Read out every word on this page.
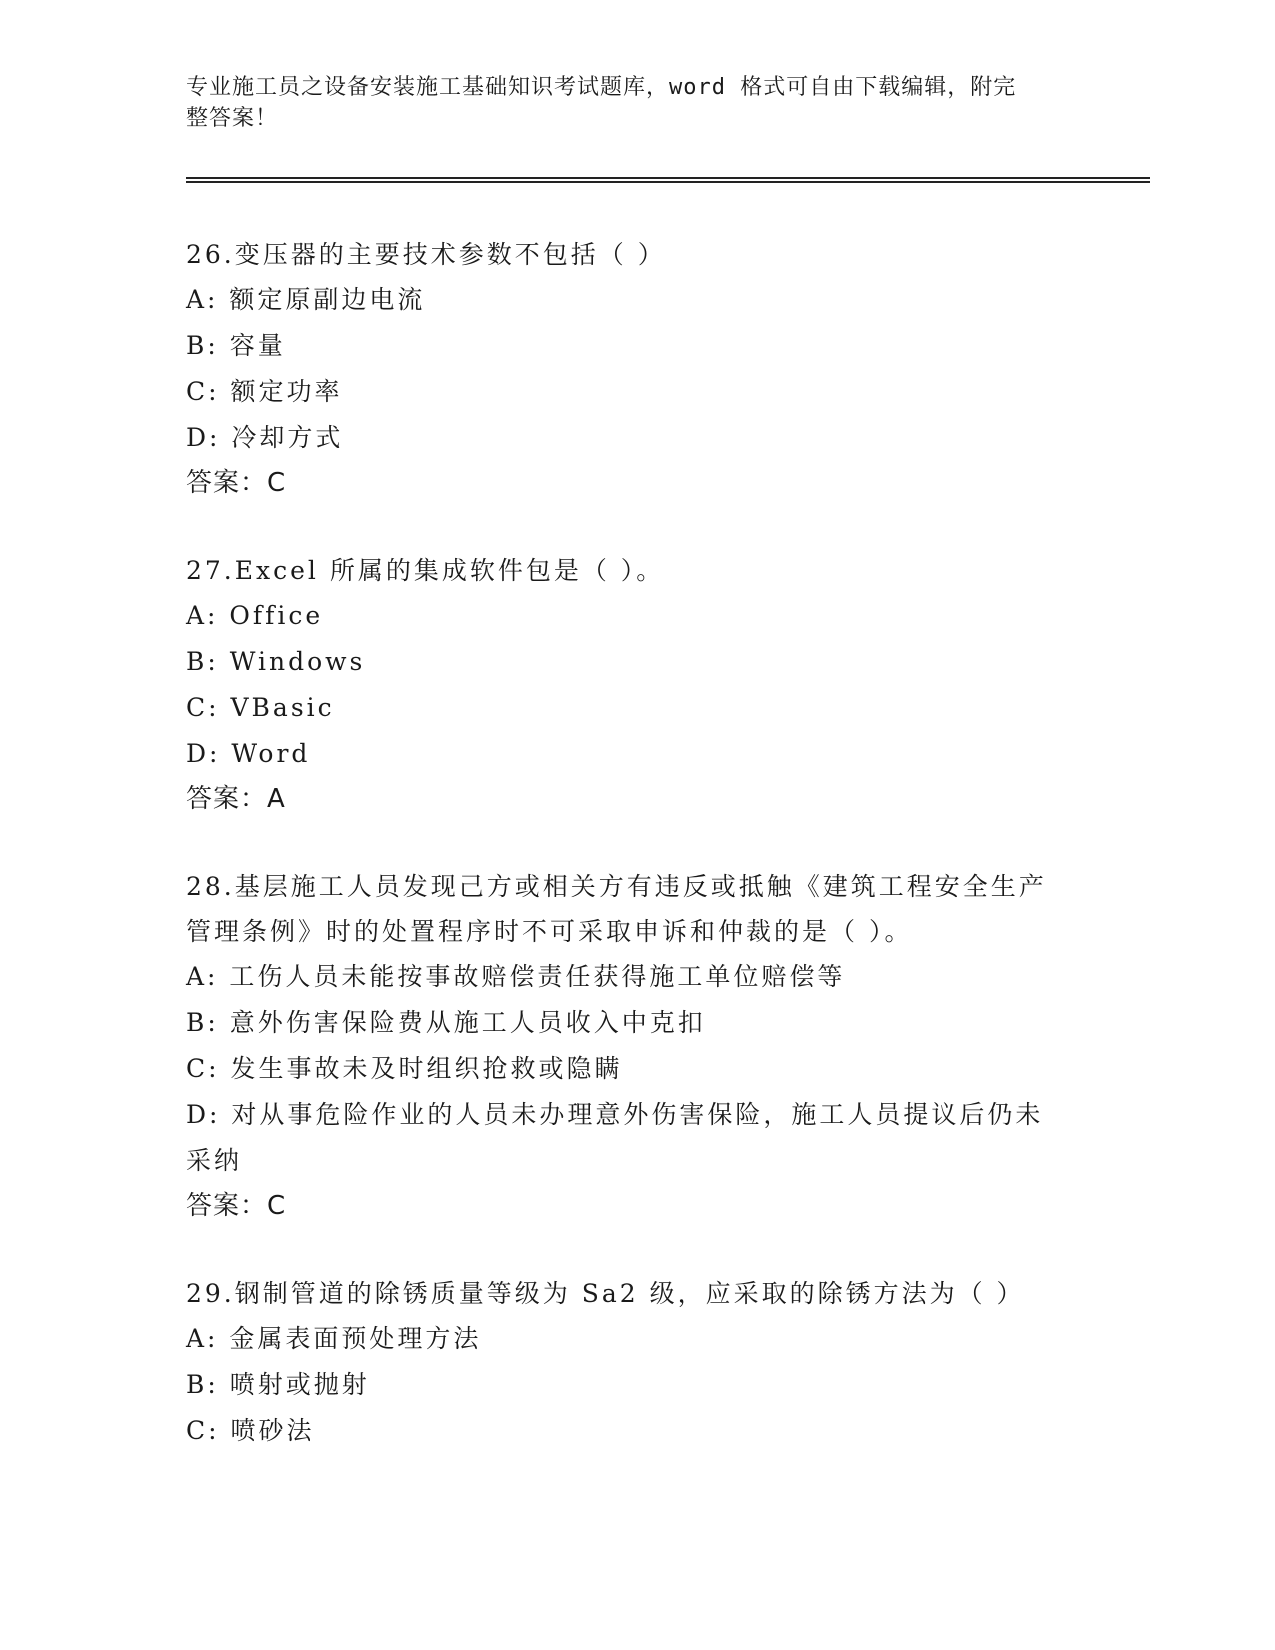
专业施工员之设备安装施工基础知识考试题库，word 格式可自由下载编辑，附完
整答案！
26.变压器的主要技术参数不包括（ ）
A: 额定原副边电流
B: 容量
C: 额定功率
D: 冷却方式
答案：C
27.Excel 所属的集成软件包是（ ）。
A: Office
B: Windows
C: VBasic
D: Word
答案：A
28.基层施工人员发现己方或相关方有违反或抵触《建筑工程安全生产
管理条例》时的处置程序时不可采取申诉和仲裁的是（ ）。
A: 工伤人员未能按事故赔偿责任获得施工单位赔偿等
B: 意外伤害保险费从施工人员收入中克扣
C: 发生事故未及时组织抢救或隐瞒
D: 对从事危险作业的人员未办理意外伤害保险，施工人员提议后仍未
采纳
答案：C
29.钢制管道的除锈质量等级为 Sa2 级，应采取的除锈方法为（ ）
A: 金属表面预处理方法
B: 喷射或抛射
C: 喷砂法
